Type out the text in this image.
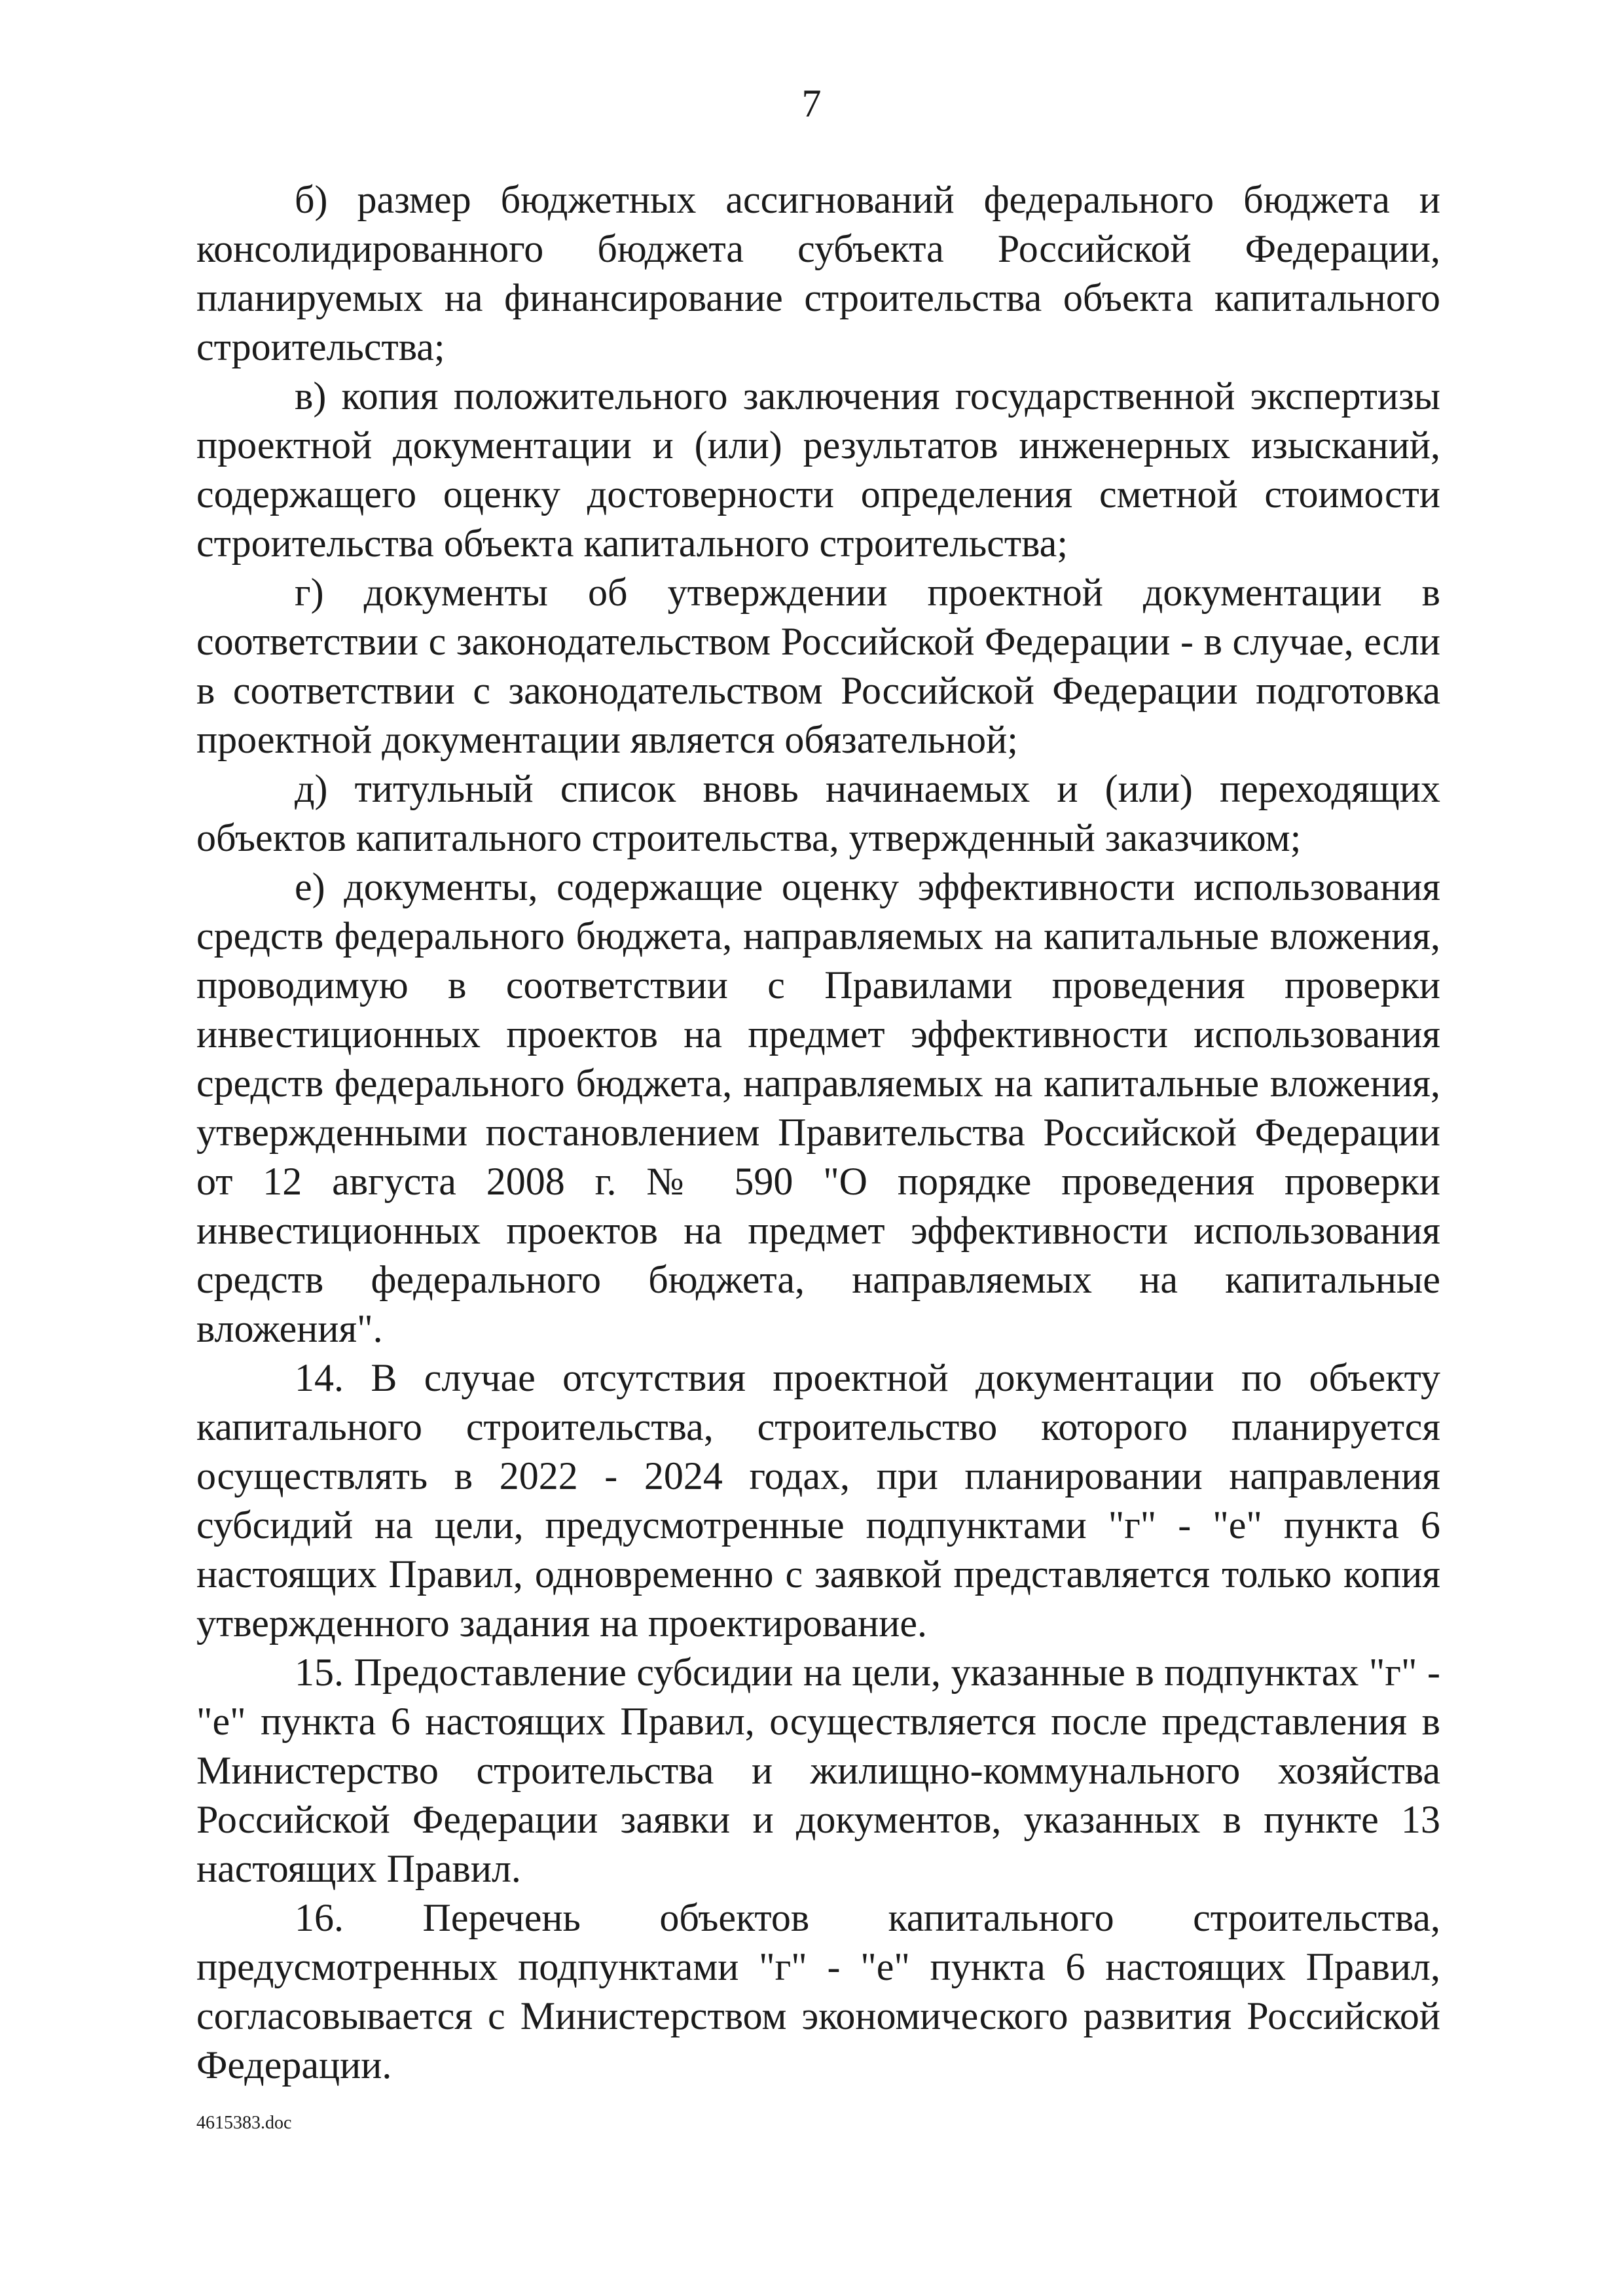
7

б) размер бюджетных ассигнований федерального бюджета и консолидированного бюджета субъекта Российской Федерации, планируемых на финансирование строительства объекта капитального строительства;

в) копия положительного заключения государственной экспертизы проектной документации и (или) результатов инженерных изысканий, содержащего оценку достоверности определения сметной стоимости строительства объекта капитального строительства;

г) документы об утверждении проектной документации в соответствии с законодательством Российской Федерации - в случае, если в соответствии с законодательством Российской Федерации подготовка проектной документации является обязательной;

д) титульный список вновь начинаемых и (или) переходящих объектов капитального строительства, утвержденный заказчиком;

е) документы, содержащие оценку эффективности использования средств федерального бюджета, направляемых на капитальные вложения, проводимую в соответствии с Правилами проведения проверки инвестиционных проектов на предмет эффективности использования средств федерального бюджета, направляемых на капитальные вложения, утвержденными постановлением Правительства Российской Федерации от 12 августа 2008 г. № 590 "О порядке проведения проверки инвестиционных проектов на предмет эффективности использования средств федерального бюджета, направляемых на капитальные вложения".

14. В случае отсутствия проектной документации по объекту капитального строительства, строительство которого планируется осуществлять в 2022 - 2024 годах, при планировании направления субсидий на цели, предусмотренные подпунктами "г" - "е" пункта 6 настоящих Правил, одновременно с заявкой представляется только копия утвержденного задания на проектирование.

15. Предоставление субсидии на цели, указанные в подпунктах "г" - "е" пункта 6 настоящих Правил, осуществляется после представления в Министерство строительства и жилищно-коммунального хозяйства Российской Федерации заявки и документов, указанных в пункте 13 настоящих Правил.

16. Перечень объектов капитального строительства, предусмотренных подпунктами "г" - "е" пункта 6 настоящих Правил, согласовывается с Министерством экономического развития Российской Федерации.

4615383.doc
